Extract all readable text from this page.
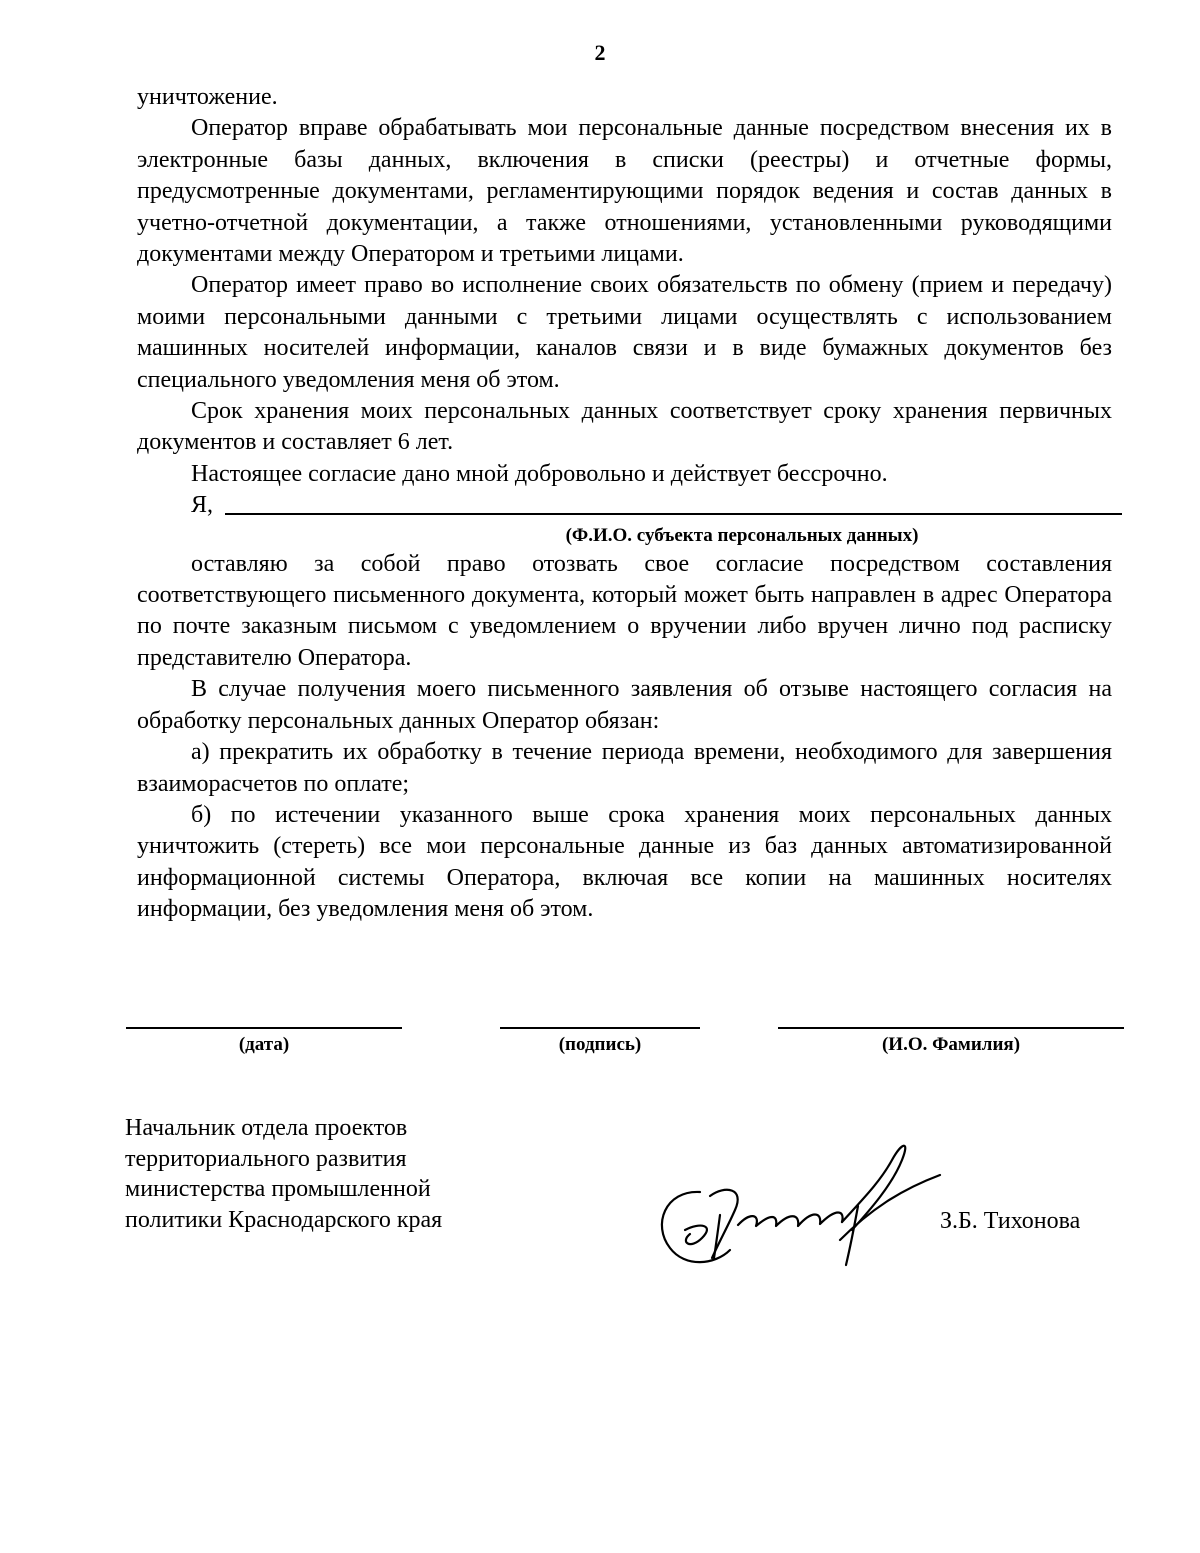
2

уничтожение.

Оператор вправе обрабатывать мои персональные данные посредством внесения их в электронные базы данных, включения в списки (реестры) и отчетные формы, предусмотренные документами, регламентирующими порядок ведения и состав данных в учетно-отчетной документации, а также отношениями, установленными руководящими документами между Оператором и третьими лицами.

Оператор имеет право во исполнение своих обязательств по обмену (прием и передачу) моими персональными данными с третьими лицами осуществлять с использованием машинных носителей информации, каналов связи и в виде бумажных документов без специального уведомления меня об этом.

Срок хранения моих персональных данных соответствует сроку хранения первичных документов и составляет 6 лет.

Настоящее согласие дано мной добровольно и действует бессрочно.

Я,
(Ф.И.О. субъекта персональных данных)

оставляю за собой право отозвать свое согласие посредством составления соответствующего письменного документа, который может быть направлен в адрес Оператора по почте заказным письмом с уведомлением о вручении либо вручен лично под расписку представителю Оператора.

В случае получения моего письменного заявления об отзыве настоящего согласия на обработку персональных данных Оператор обязан:

а) прекратить их обработку в течение периода времени, необходимого для завершения взаиморасчетов по оплате;

б) по истечении указанного выше срока хранения моих персональных данных уничтожить (стереть) все мои персональные данные из баз данных автоматизированной информационной системы Оператора, включая все копии на машинных носителях информации, без уведомления меня об этом.

(дата)	(подпись)	(И.О. Фамилия)
Начальник отдела проектов
территориального развития
министерства промышленной
политики Краснодарского края	З.Б. Тихонова
